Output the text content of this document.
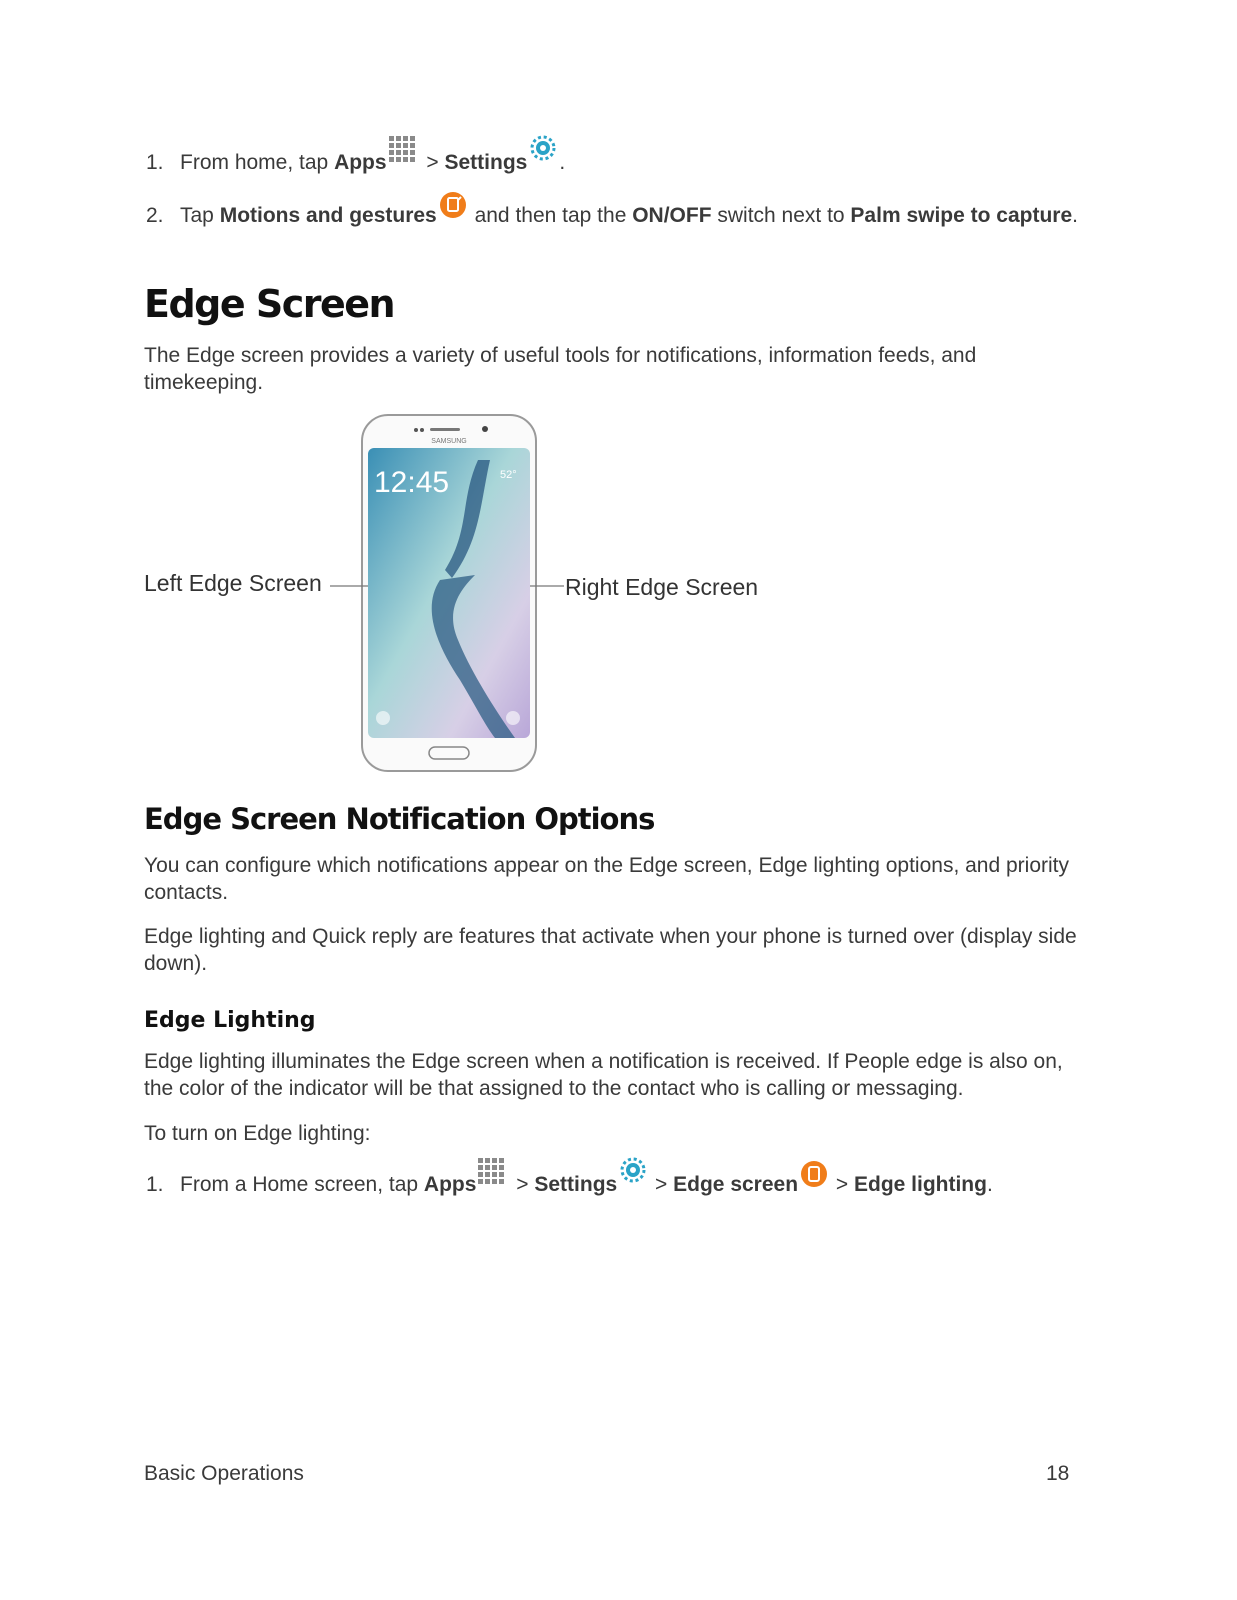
1. From home, tap Apps > Settings .
2. Tap Motions and gestures and then tap the ON/OFF switch next to Palm swipe to capture.
Edge Screen

The Edge screen provides a variety of useful tools for notifications, information feeds, and timekeeping.

SAMSUNG
12:45	52°
Left Edge Screen	Right Edge Screen
Edge Screen Notification Options

You can configure which notifications appear on the Edge screen, Edge lighting options, and priority contacts.

Edge lighting and Quick reply are features that activate when your phone is turned over (display side down).

Edge Lighting

Edge lighting illuminates the Edge screen when a notification is received. If People edge is also on, the color of the indicator will be that assigned to the contact who is calling or messaging.

To turn on Edge lighting:

1. From a Home screen, tap Apps > Settings > Edge screen > Edge lighting.
Basic Operations	18
